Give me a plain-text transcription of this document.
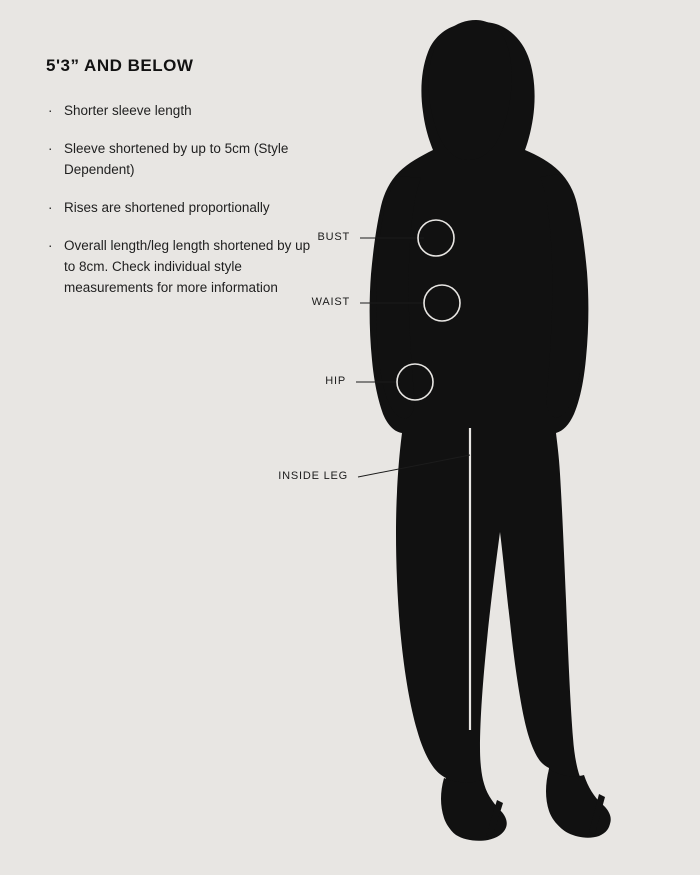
5'3” AND BELOW
· Shorter sleeve length
· Sleeve shortened by up to 5cm (Style Dependent)
· Rises are shortened proportionally
· Overall length/leg length shortened by up to 8cm. Check individual style measurements for more information
BUST
WAIST
HIP
INSIDE LEG
